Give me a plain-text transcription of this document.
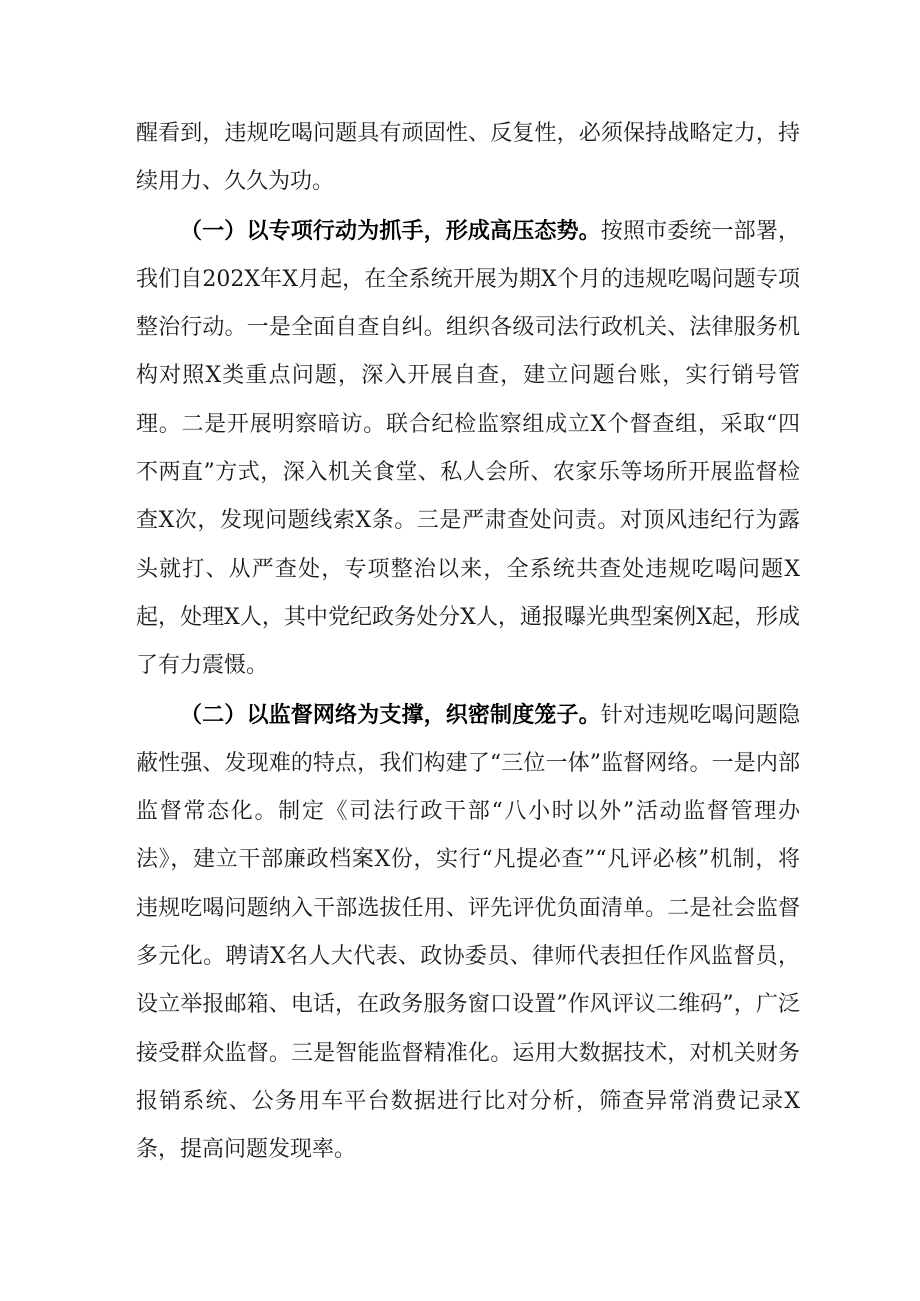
醒看到，违规吃喝问题具有顽固性、反复性，必须保持战略定力，持续用力、久久为功。

（一）以专项行动为抓手，形成高压态势。按照市委统一部署，我们自202X年X月起，在全系统开展为期X个月的违规吃喝问题专项整治行动。一是全面自查自纠。组织各级司法行政机关、法律服务机构对照X类重点问题，深入开展自查，建立问题台账，实行销号管理。二是开展明察暗访。联合纪检监察组成立X个督查组，采取“四不两直”方式，深入机关食堂、私人会所、农家乐等场所开展监督检查X次，发现问题线索X条。三是严肃查处问责。对顶风违纪行为露头就打、从严查处，专项整治以来，全系统共查处违规吃喝问题X起，处理X人，其中党纪政务处分X人，通报曝光典型案例X起，形成了有力震慑。

（二）以监督网络为支撑，织密制度笼子。针对违规吃喝问题隐蔽性强、发现难的特点，我们构建了“三位一体”监督网络。一是内部监督常态化。制定《司法行政干部“八小时以外”活动监督管理办法》，建立干部廉政档案X份，实行“凡提必查”“凡评必核”机制，将违规吃喝问题纳入干部选拔任用、评先评优负面清单。二是社会监督多元化。聘请X名人大代表、政协委员、律师代表担任作风监督员，设立举报邮箱、电话，在政务服务窗口设置”作风评议二维码”，广泛接受群众监督。三是智能监督精准化。运用大数据技术，对机关财务报销系统、公务用车平台数据进行比对分析，筛查异常消费记录X条，提高问题发现率。
